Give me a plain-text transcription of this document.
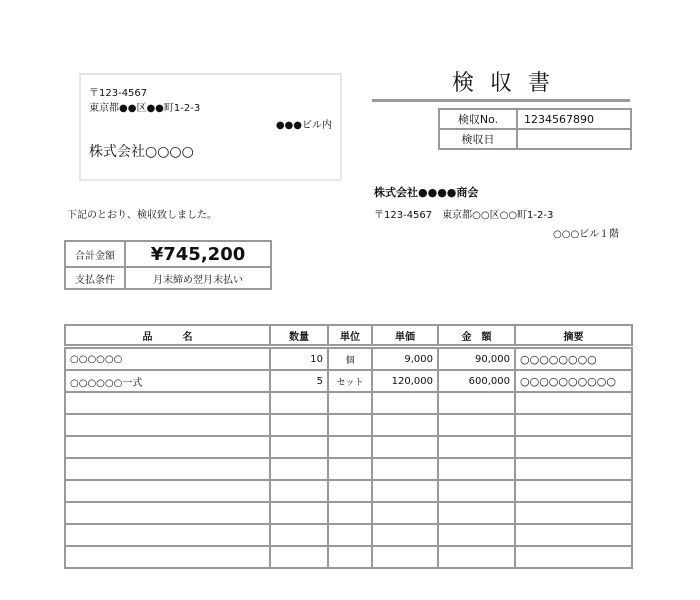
〒123-4567
東京都●●区●●町1-2-3
●●●ビル内
株式会社○○○○
検収書
検収No.	1234567890
検収日	
株式会社●●●●商会
〒123-4567　東京都○○区○○町1-2-3
○○○ビル１階
下記のとおり、検収致しました。
合計金額	¥745,200
支払条件	月末締め翌月末払い
品　　　名	数量	単位	単価	金　額	摘要
○○○○○○	10	個	9,000	90,000	○○○○○○○○
○○○○○○一式	5	セット	120,000	600,000	○○○○○○○○○○
